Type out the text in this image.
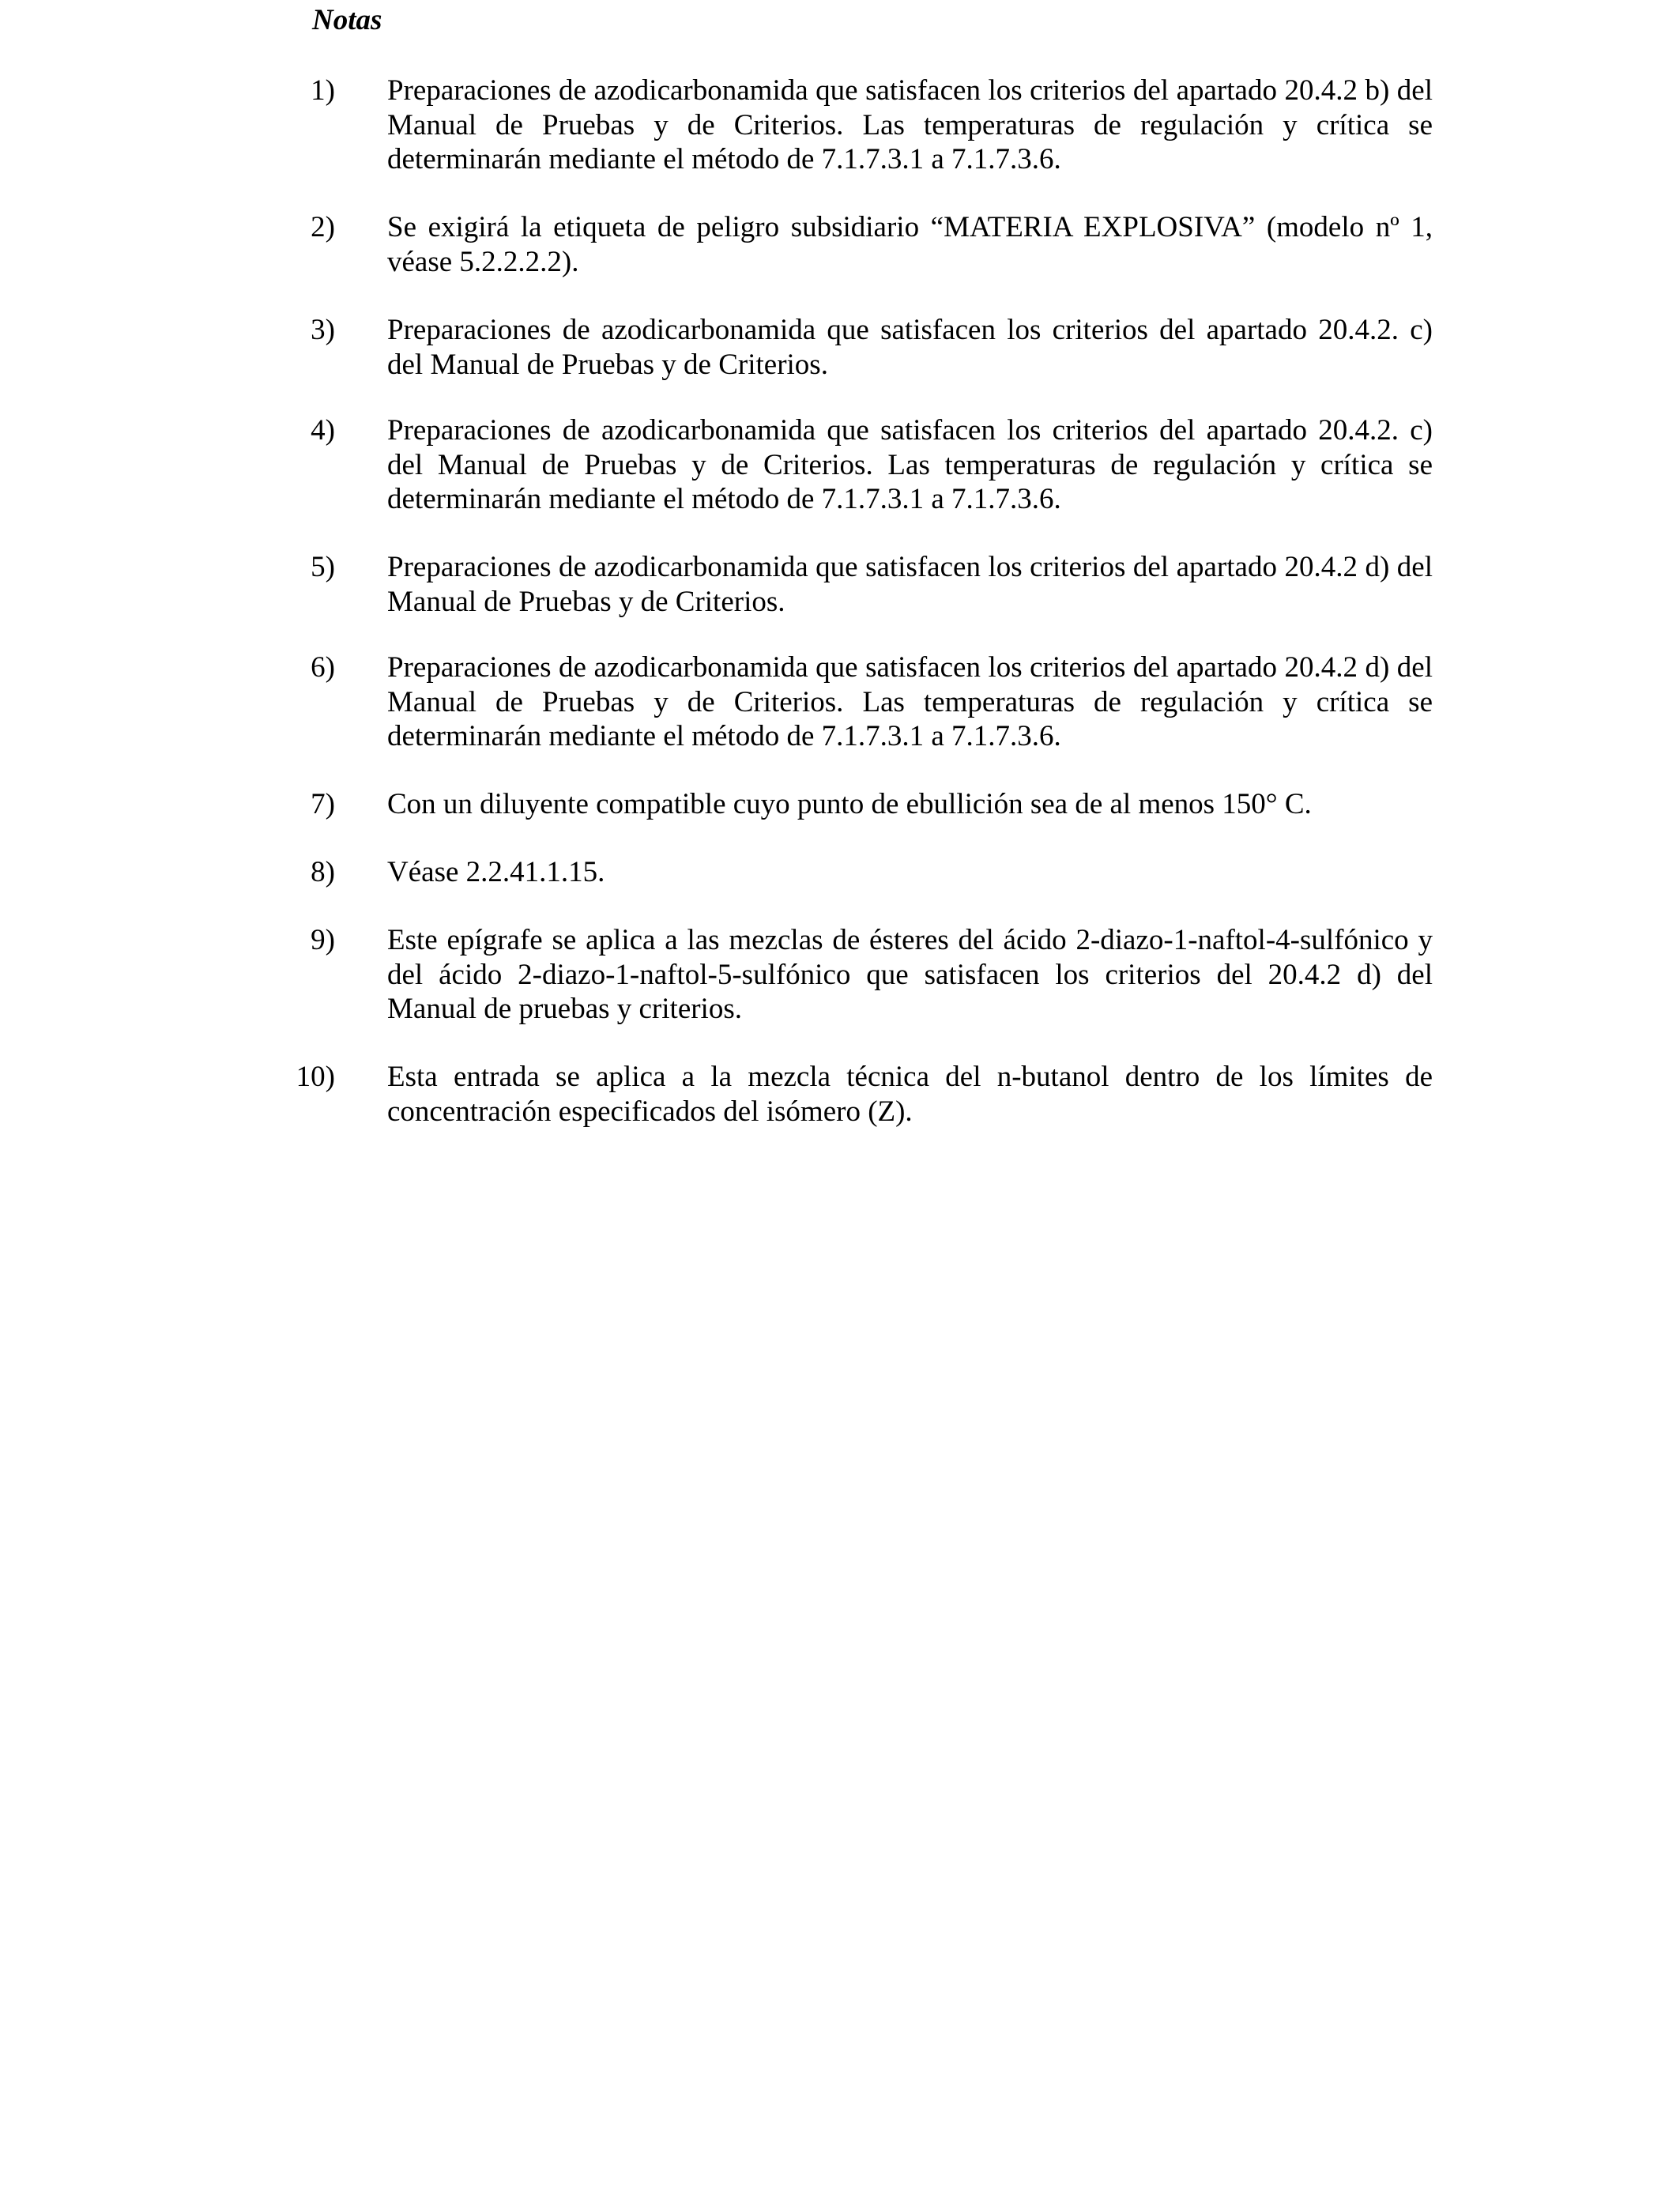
Notas
1) Preparaciones de azodicarbonamida que satisfacen los criterios del apartado 20.4.2 b) del Manual de Pruebas y de Criterios. Las temperaturas de regulación y crítica se determinarán mediante el método de 7.1.7.3.1 a 7.1.7.3.6.

2) Se exigirá la etiqueta de peligro subsidiario “MATERIA EXPLOSIVA” (modelo nº 1, véase 5.2.2.2.2).

3) Preparaciones de azodicarbonamida que satisfacen los criterios del apartado 20.4.2. c) del Manual de Pruebas y de Criterios.

4) Preparaciones de azodicarbonamida que satisfacen los criterios del apartado 20.4.2. c) del Manual de Pruebas y de Criterios. Las temperaturas de regulación y crítica se determinarán mediante el método de 7.1.7.3.1 a 7.1.7.3.6.

5) Preparaciones de azodicarbonamida que satisfacen los criterios del apartado 20.4.2 d) del Manual de Pruebas y de Criterios.

6) Preparaciones de azodicarbonamida que satisfacen los criterios del apartado 20.4.2 d) del Manual de Pruebas y de Criterios. Las temperaturas de regulación y crítica se determinarán mediante el método de 7.1.7.3.1 a 7.1.7.3.6.

7) Con un diluyente compatible cuyo punto de ebullición sea de al menos 150° C.

8) Véase 2.2.41.1.15.

9) Este epígrafe se aplica a las mezclas de ésteres del ácido 2-diazo-1-naftol-4-sulfónico y del ácido 2-diazo-1-naftol-5-sulfónico que satisfacen los criterios del 20.4.2 d) del Manual de pruebas y criterios.

10) Esta entrada se aplica a la mezcla técnica del n-butanol dentro de los límites de concentración especificados del isómero (Z).
